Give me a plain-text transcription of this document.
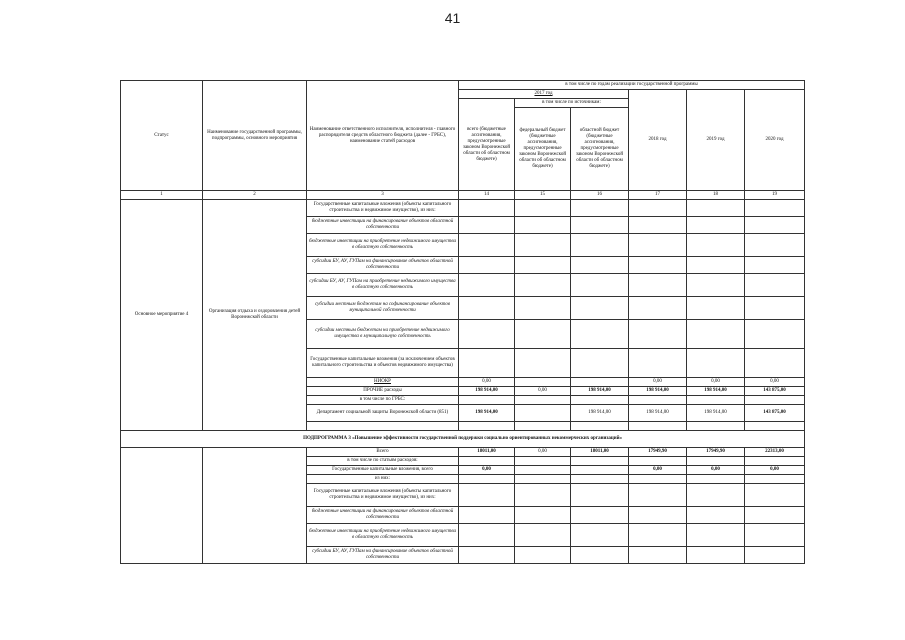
41
Статус	Наименование государственной программы, подпрограммы, основного мероприятия	Наименование ответственного исполнителя, исполнителя - главного распорядителя средств областного бюджета (далее - ГРБС), наименование статей расходов	в том числе по годам реализации государственной программы					
			2017 год			2018 год	2019 год	2020 год
			всего (бюджетные ассигнования, предусмотренные законом Воронежской области об областном бюджете)	в том числе по источникам:				
				федеральный бюджет (бюджетные ассигнования, предусмотренные законом Воронежской области об областном бюджете)	областной бюджет (бюджетные ассигнования, предусмотренные законом Воронежской области об областном бюджете)			
1	2	3	14	15	16	17	18	19
Основное мероприятие 4	Организация отдыха и оздоровления детей Воронежской области	Государственные капитальные вложения (объекты капитального строительства и недвижимое имущество), из них:						
		бюджетные инвестиции на финансирование объектов областной собственности						
		бюджетные инвестиции на приобретение недвижимого имущества в областную собственность						
		субсидии БУ, АУ, ГУПам на финансирование объектов областной собственности						
		субсидии БУ, АУ, ГУПам на приобретение недвижимого имущества в областную собственность						
		субсидии местным бюджетам на софинансирование объектов муниципальной собственности						
		субсидии местным бюджетам на приобретение недвижимого имущества в муниципальную собственность						
		Государственные капитальные вложения (за исключением объектов капитального строительства и объектов недвижимого имущества)						
		НИОКР	0,00			0,00	0,00	0,00
		ПРОЧИЕ расходы	198 914,00	0,00	198 914,00	198 914,00	198 914,00	143 875,00
		в том числе по ГРБС:						
		Департамент социальной защиты Воронежской области (851)	198 914,00		198 914,00	198 914,00	198 914,00	143 875,00

ПОДПРОГРАММА 3 «Повышение эффективности государственной поддержки социально ориентированных некоммерческих организаций»								
		Всего	18011,00	0,00	18011,00	17949,90	17949,90	22313,00
		в том числе по статьям расходов:						
		Государственные капитальные вложения, всего	0,00			0,00	0,00	0,00
		из них:						
		Государственные капитальные вложения (объекты капитального строительства и недвижимое имущество), из них:						
		бюджетные инвестиции на финансирование объектов областной собственности						
		бюджетные инвестиции на приобретение недвижимого имущества в областную собственность						
		субсидии БУ, АУ, ГУПам на финансирование объектов областной собственности						
